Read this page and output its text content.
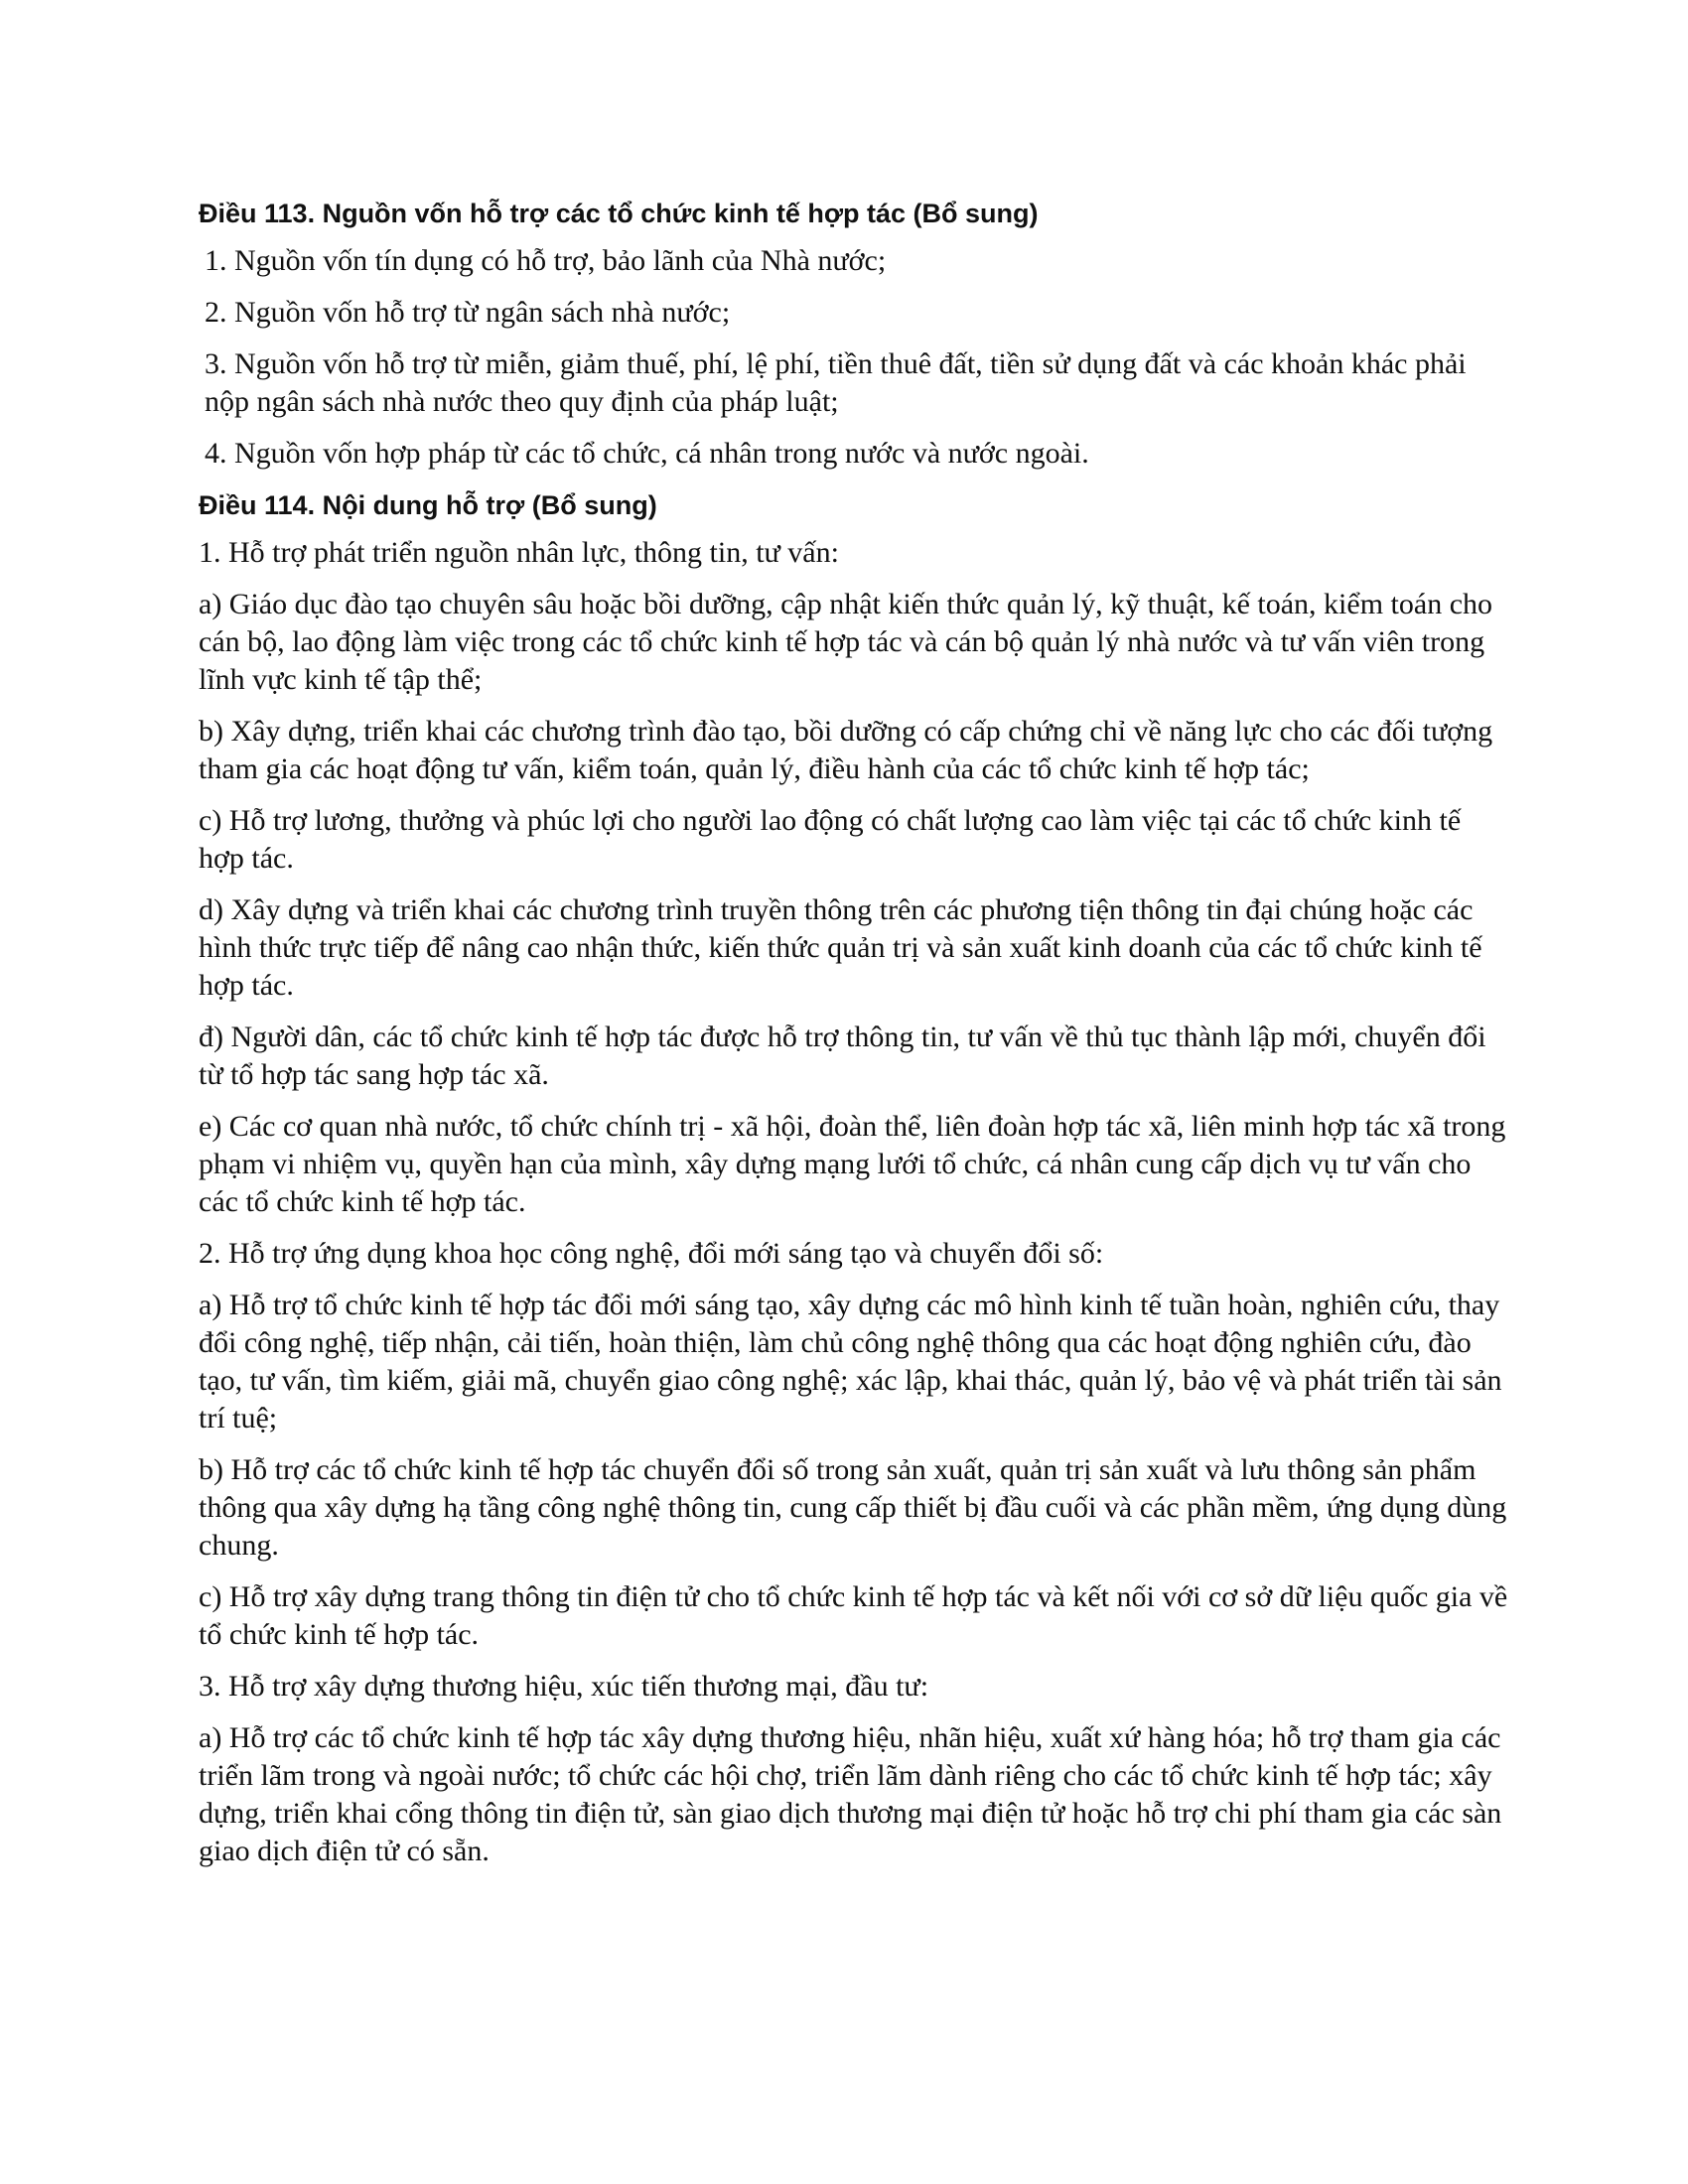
Điều 113. Nguồn vốn hỗ trợ các tổ chức kinh tế hợp tác (Bổ sung)

1. Nguồn vốn tín dụng có hỗ trợ, bảo lãnh của Nhà nước;

2. Nguồn vốn hỗ trợ từ ngân sách nhà nước;

3. Nguồn vốn hỗ trợ từ miễn, giảm thuế, phí, lệ phí, tiền thuê đất, tiền sử dụng đất và các khoản khác phải nộp ngân sách nhà nước theo quy định của pháp luật;

4. Nguồn vốn hợp pháp từ các tổ chức, cá nhân trong nước và nước ngoài.

Điều 114. Nội dung hỗ trợ (Bổ sung)

1. Hỗ trợ phát triển nguồn nhân lực, thông tin, tư vấn:

a) Giáo dục đào tạo chuyên sâu hoặc bồi dưỡng, cập nhật kiến thức quản lý, kỹ thuật, kế toán, kiểm toán cho cán bộ, lao động làm việc trong các tổ chức kinh tế hợp tác và cán bộ quản lý nhà nước và tư vấn viên trong lĩnh vực kinh tế tập thể;

b) Xây dựng, triển khai các chương trình đào tạo, bồi dưỡng có cấp chứng chỉ về năng lực cho các đối tượng tham gia các hoạt động tư vấn, kiểm toán, quản lý, điều hành của các tổ chức kinh tế hợp tác;

c) Hỗ trợ lương, thưởng và phúc lợi cho người lao động có chất lượng cao làm việc tại các tổ chức kinh tế hợp tác.

d) Xây dựng và triển khai các chương trình truyền thông trên các phương tiện thông tin đại chúng hoặc các hình thức trực tiếp để nâng cao nhận thức, kiến thức quản trị và sản xuất kinh doanh của các tổ chức kinh tế hợp tác.

đ) Người dân, các tổ chức kinh tế hợp tác được hỗ trợ thông tin, tư vấn về thủ tục thành lập mới, chuyển đổi từ tổ hợp tác sang hợp tác xã.

e) Các cơ quan nhà nước, tổ chức chính trị - xã hội, đoàn thể, liên đoàn hợp tác xã, liên minh hợp tác xã trong phạm vi nhiệm vụ, quyền hạn của mình, xây dựng mạng lưới tổ chức, cá nhân cung cấp dịch vụ tư vấn cho các tổ chức kinh tế hợp tác.

2. Hỗ trợ ứng dụng khoa học công nghệ, đổi mới sáng tạo và chuyển đổi số:

a) Hỗ trợ tổ chức kinh tế hợp tác đổi mới sáng tạo, xây dựng các mô hình kinh tế tuần hoàn, nghiên cứu, thay đổi công nghệ, tiếp nhận, cải tiến, hoàn thiện, làm chủ công nghệ thông qua các hoạt động nghiên cứu, đào tạo, tư vấn, tìm kiếm, giải mã, chuyển giao công nghệ; xác lập, khai thác, quản lý, bảo vệ và phát triển tài sản trí tuệ;

b) Hỗ trợ các tổ chức kinh tế hợp tác chuyển đổi số trong sản xuất, quản trị sản xuất và lưu thông sản phẩm thông qua xây dựng hạ tầng công nghệ thông tin, cung cấp thiết bị đầu cuối và các phần mềm, ứng dụng dùng chung.

c) Hỗ trợ xây dựng trang thông tin điện tử cho tổ chức kinh tế hợp tác và kết nối với cơ sở dữ liệu quốc gia về tổ chức kinh tế hợp tác.

3. Hỗ trợ xây dựng thương hiệu, xúc tiến thương mại, đầu tư:

a) Hỗ trợ các tổ chức kinh tế hợp tác xây dựng thương hiệu, nhãn hiệu, xuất xứ hàng hóa; hỗ trợ tham gia các triển lãm trong và ngoài nước; tổ chức các hội chợ, triển lãm dành riêng cho các tổ chức kinh tế hợp tác; xây dựng, triển khai cổng thông tin điện tử, sàn giao dịch thương mại điện tử hoặc hỗ trợ chi phí tham gia các sàn giao dịch điện tử có sẵn.
